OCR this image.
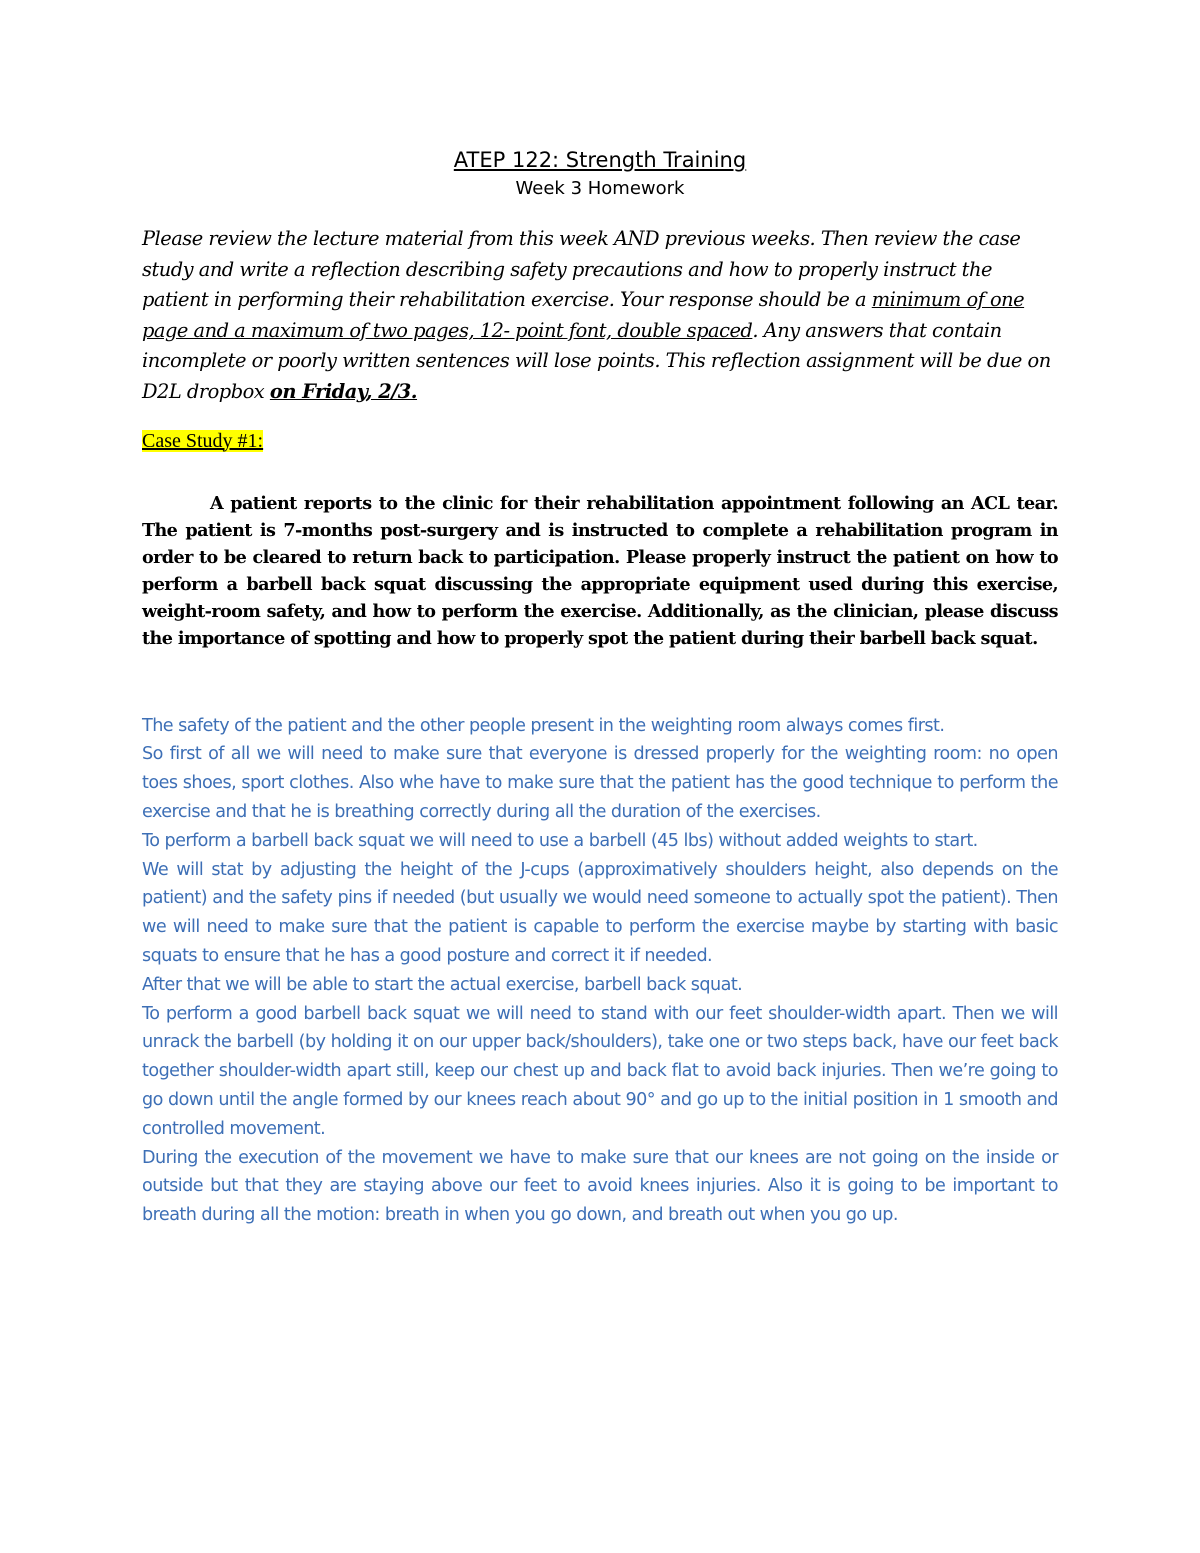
ATEP 122: Strength Training
Week 3 Homework

Please review the lecture material from this week AND previous weeks. Then review the case study and write a reflection describing safety precautions and how to properly instruct the patient in performing their rehabilitation exercise. Your response should be a minimum of one page and a maximum of two pages, 12- point font, double spaced. Any answers that contain incomplete or poorly written sentences will lose points. This reflection assignment will be due on D2L dropbox on Friday, 2/3.

Case Study #1:

A patient reports to the clinic for their rehabilitation appointment following an ACL tear. The patient is 7-months post-surgery and is instructed to complete a rehabilitation program in order to be cleared to return back to participation. Please properly instruct the patient on how to perform a barbell back squat discussing the appropriate equipment used during this exercise, weight-room safety, and how to perform the exercise. Additionally, as the clinician, please discuss the importance of spotting and how to properly spot the patient during their barbell back squat.

The safety of the patient and the other people present in the weighting room always comes first.

So first of all we will need to make sure that everyone is dressed properly for the weighting room: no open toes shoes, sport clothes. Also whe have to make sure that the patient has the good technique to perform the exercise and that he is breathing correctly during all the duration of the exercises.

To perform a barbell back squat we will need to use a barbell (45 lbs) without added weights to start.

We will stat by adjusting the height of the J-cups (approximatively shoulders height, also depends on the patient) and the safety pins if needed (but usually we would need someone to actually spot the patient). Then we will need to make sure that the patient is capable to perform the exercise maybe by starting with basic squats to ensure that he has a good posture and correct it if needed.

After that we will be able to start the actual exercise, barbell back squat.

To perform a good barbell back squat we will need to stand with our feet shoulder-width apart. Then we will unrack the barbell (by holding it on our upper back/shoulders), take one or two steps back, have our feet back together shoulder-width apart still, keep our chest up and back flat to avoid back injuries. Then we’re going to go down until the angle formed by our knees reach about 90° and go up to the initial position in 1 smooth and controlled movement.

During the execution of the movement we have to make sure that our knees are not going on the inside or outside but that they are staying above our feet to avoid knees injuries. Also it is going to be important to breath during all the motion: breath in when you go down, and breath out when you go up.
